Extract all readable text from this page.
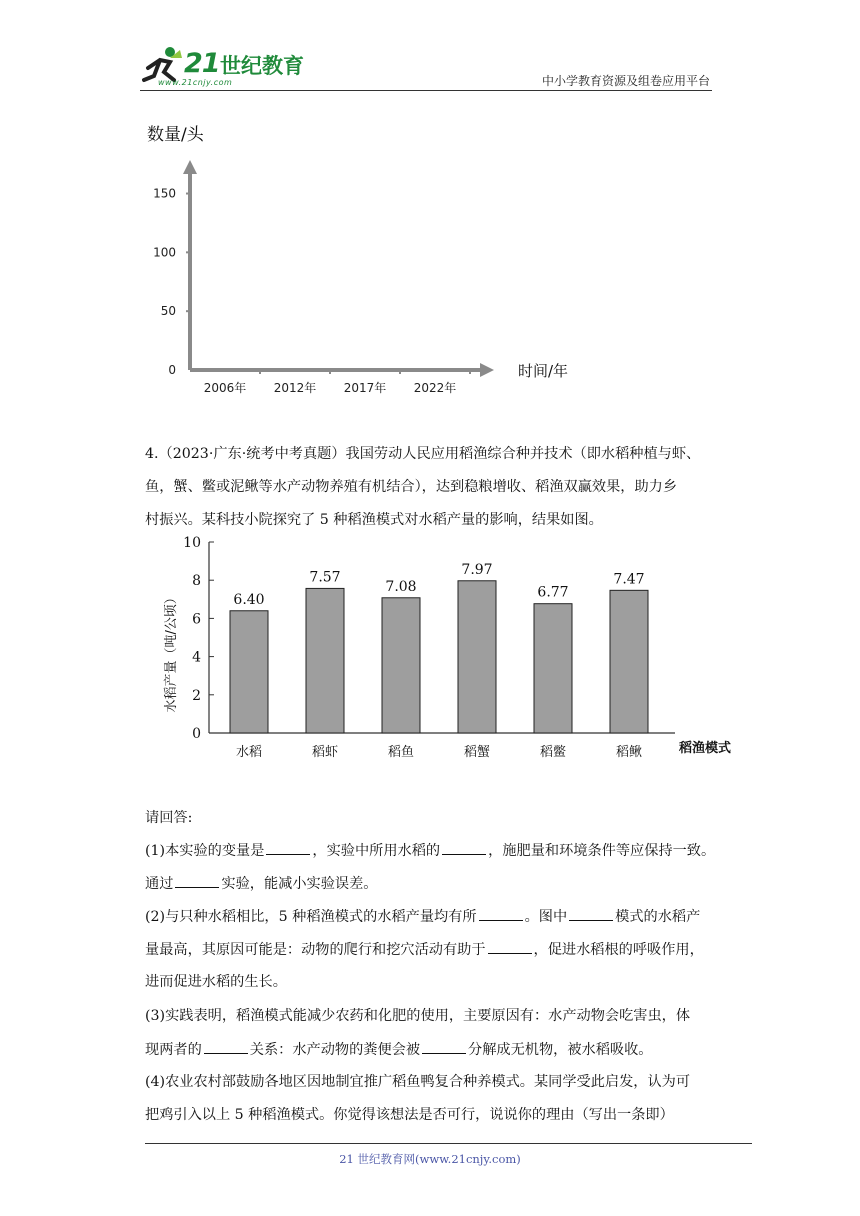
21 世纪教育
www.21cnjy.com	中小学教育资源及组卷应用平台
数量/头
时间/年
0
50
100
150
2006年 2012年 2017年 2022年
4.（2023·广东·统考中考真题）我国劳动人民应用稻渔综合种并技术（即水稻种植与虾、
鱼，蟹、鳖或泥鳅等水产动物养殖有机结合），达到稳粮增收、稻渔双赢效果，助力乡
村振兴。某科技小院探究了 5 种稻渔模式对水稻产量的影响，结果如图。
水稻产量（吨/公顷）
稻渔模式
0
2
4
6
8
10
6.40
7.57
7.08
7.97
6.77
7.47
水稻	稻虾	稻鱼	稻蟹	稻鳖	稻鳅
请回答:
(1)本实验的变量是	，实验中所用水稻的	，施肥量和环境条件等应保持一致。
通过	实验，能减小实验误差。
(2)与只种水稻相比，5 种稻渔模式的水稻产量均有所	。图中	模式的水稻产
量最高，其原因可能是：动物的爬行和挖穴活动有助于	，促进水稻根的呼吸作用，
进而促进水稻的生长。
(3)实践表明，稻渔模式能减少农药和化肥的使用，主要原因有：水产动物会吃害虫，体
现两者的	关系：水产动物的粪便会被	分解成无机物，被水稻吸收。
(4)农业农村部鼓励各地区因地制宜推广稻鱼鸭复合种养模式。某同学受此启发，认为可
把鸡引入以上 5 种稻渔模式。你觉得该想法是否可行，说说你的理由（写出一条即）
21 世纪教育网(www.21cnjy.com)
